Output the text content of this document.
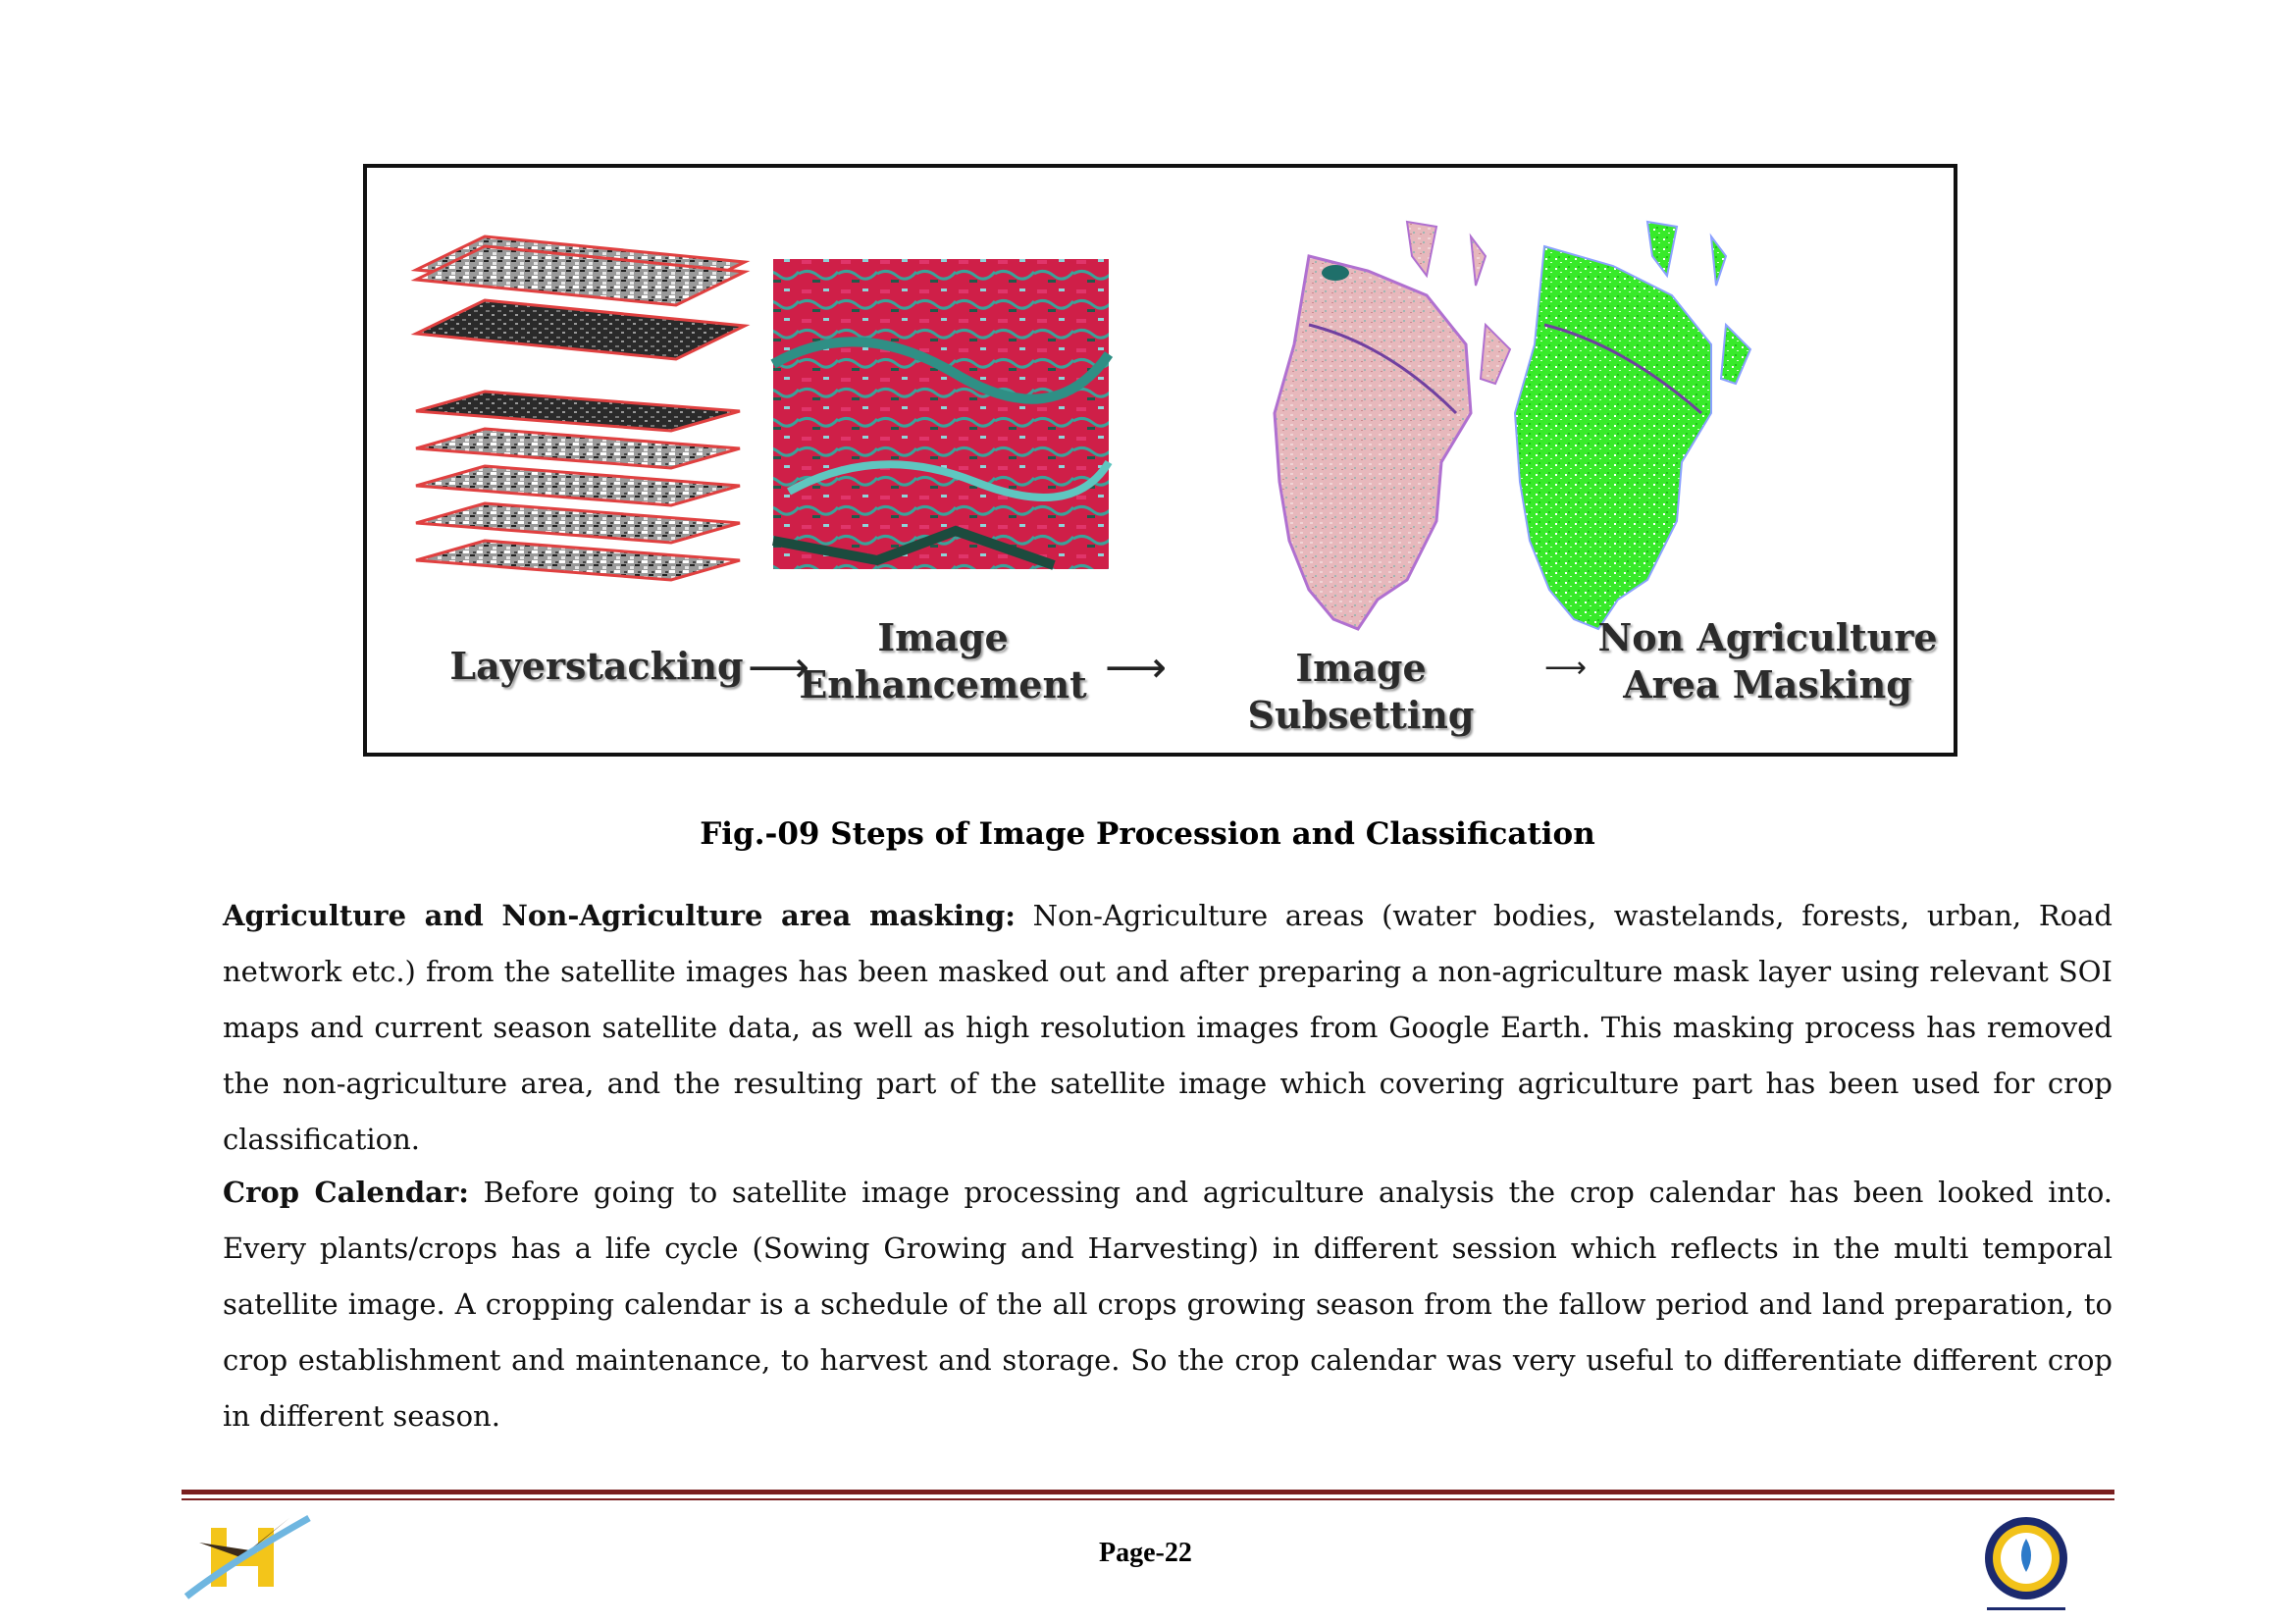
Layerstacking ⟶
Image
Enhancement ⟶	Image Subsetting
⟶
Non Agriculture
Area Masking
Fig.-09 Steps of Image Procession and Classification

Agriculture and Non-Agriculture area masking: Non-Agriculture areas (water bodies, wastelands, forests, urban, Road network etc.) from the satellite images has been masked out and after preparing a non-agriculture mask layer using relevant SOI maps and current season satellite data, as well as high resolution images from Google Earth. This masking process has removed the non-agriculture area, and the resulting part of the satellite image which covering agriculture part has been used for crop classification.

Crop Calendar: Before going to satellite image processing and agriculture analysis the crop calendar has been looked into. Every plants/crops has a life cycle (Sowing Growing and Harvesting) in different session which reflects in the multi temporal satellite image. A cropping calendar is a schedule of the all crops growing season from the fallow period and land preparation, to crop establishment and maintenance, to harvest and storage. So the crop calendar was very useful to differentiate different crop in different season.

Page-22
